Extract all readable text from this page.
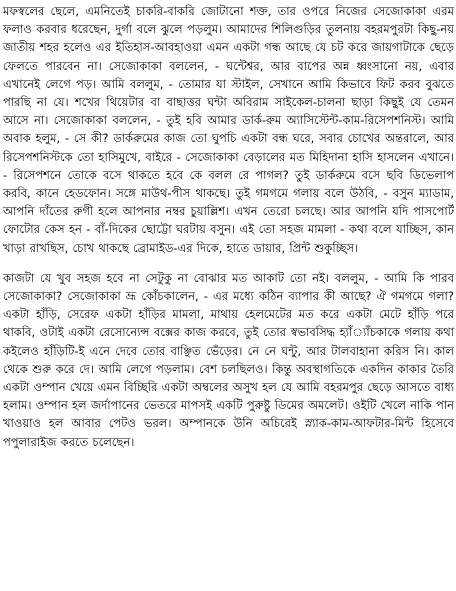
মফস্বলের ছেলে, এমনিতেই চাকরি-বাকরি জোটানো শক্ত, তার ওপরে নিজের সেজোকাকা এরম ফলাও করবার ধরেছেন, দুর্গা বলে ঝুলে পড়লুম। আমাদের শিলিগুড়ির তুলনায় বহরমপুরটা কিছু-নয় জাতীয় শহর হলেও এর ইতিহাস-আবহাওয়া এমন একটা গন্ধ আছে যে চট করে জায়গাটাকে ছেড়ে ফেলতে পারবেন না। সেজোকাকা বললেন, - ঘন্টেশ্বর, আর বাপের অন্ন ধ্বংসানো নয়, এবার এখানেই লেগে পড়। আমি বললুম, - তোমার যা স্টাইল, সেখানে আমি কিভাবে ফিট করব বুঝতে পারছি না যে। শখের থিয়েটার বা বাছাত্তর ঘন্টা অবিরাম সাইকেল-চালনা ছাড়া কিছুই যে তেমন আসে না। সেজোকাকা বললেন, - তুই হবি আমার ডার্ক-রুম অ্যাসিস্টেন্ট-কাম-রিসেপশনিস্ট। আমি অবাক হলুম, - সে কী? ডার্করুমের কাজ তো ঘুপচি একটা বন্ধ ঘরে, সবার চোখের অন্তরালে, আর রিসেপশনিস্টকে তো হাসিমুখে, বাইরে - সেজোকাকা বেড়ালের মত মিহিদানা হাসি হাসলেন এখানে। - রিসেপশনে তোকে বসে থাকতে হবে কে বলল রে পাগল? তুই ডার্করুমে বসে ছবি ডিভেলাপ করবি, কানে হেডফোন। সঙ্গে মাউথ-পীস থাকছে। তুই গমগমে গলায় বলে উঠবি, - বসুন ম্যাডাম, আপনি দাঁতের রুগী হলে আপনার নম্বর চুয়াল্লিশ। এখন তেরো চলছে। আর আপনি যদি পাসপোর্ট ফোটোর কেস হন - বাঁ-দিকের ছোট্টো ঘরটায় বসুন। এই তো সহজ মামলা - কথা বলে যাচ্ছিস, কান খাড়া রাখছিস, চোখ থাকছে ব্রোমাইড-এর দিকে, হাতে ডায়ার, প্রিন্ট শুকুচ্ছিস।

কাজটা যে খুব সহজ হবে না সেটুকু না বোঝার মত আকাট তো নই। বললুম, - আমি কি পারব সেজোকাকা? সেজোকাকা ভ্রূ কোঁচকালেন, - এর মধ্যে কঠিন ব্যাপার কী আছে? ঐ গমগমে গলা? একটা হাঁড়ি, সেরেফ একটা হাঁড়ির মামলা, মাথায় হেলমেটের মত করে একটা মেটে হাঁড়ি পরে থাকবি, ওটাই একটা রেসোন্যেন্স বক্সের কাজ করবে, তুই তোর স্বভাবসিদ্ধ হ্যাঁ্যাঁচকাকে গলায় কথা কইলেও হাঁড়িটি-ই এনে দেবে তোর বাঞ্ছিত ভেঁড়ের। নে নে ঘন্টু, আর টালবাহানা করিস নি। কাল থেকে শুরু করে দে। আমি লেগে পড়লাম। বেশ চলছিলও। কিন্তু অবস্থাগতিকে একদিন কাকার তৈরি একটা ওম্পান খেয়ে এমন বিচ্ছিরি একটা অম্বলের অসুখ হল যে আমি বহরমপুর ছেড়ে আসতে বাধ্য হলাম। ওম্পান হল জর্দাপানের ভেতরে মাপসই একটি পুরুষ্টু ডিমের অমলেট। ওইটি খেলে নাকি পান খাওয়াও হল আবার পেটও ভরল। অম্পানকে উনি অচিরেই স্ন্যাক-কাম-আফটার-মিন্ট হিসেবে পপুলারাইজ করতে চলেছেন।
